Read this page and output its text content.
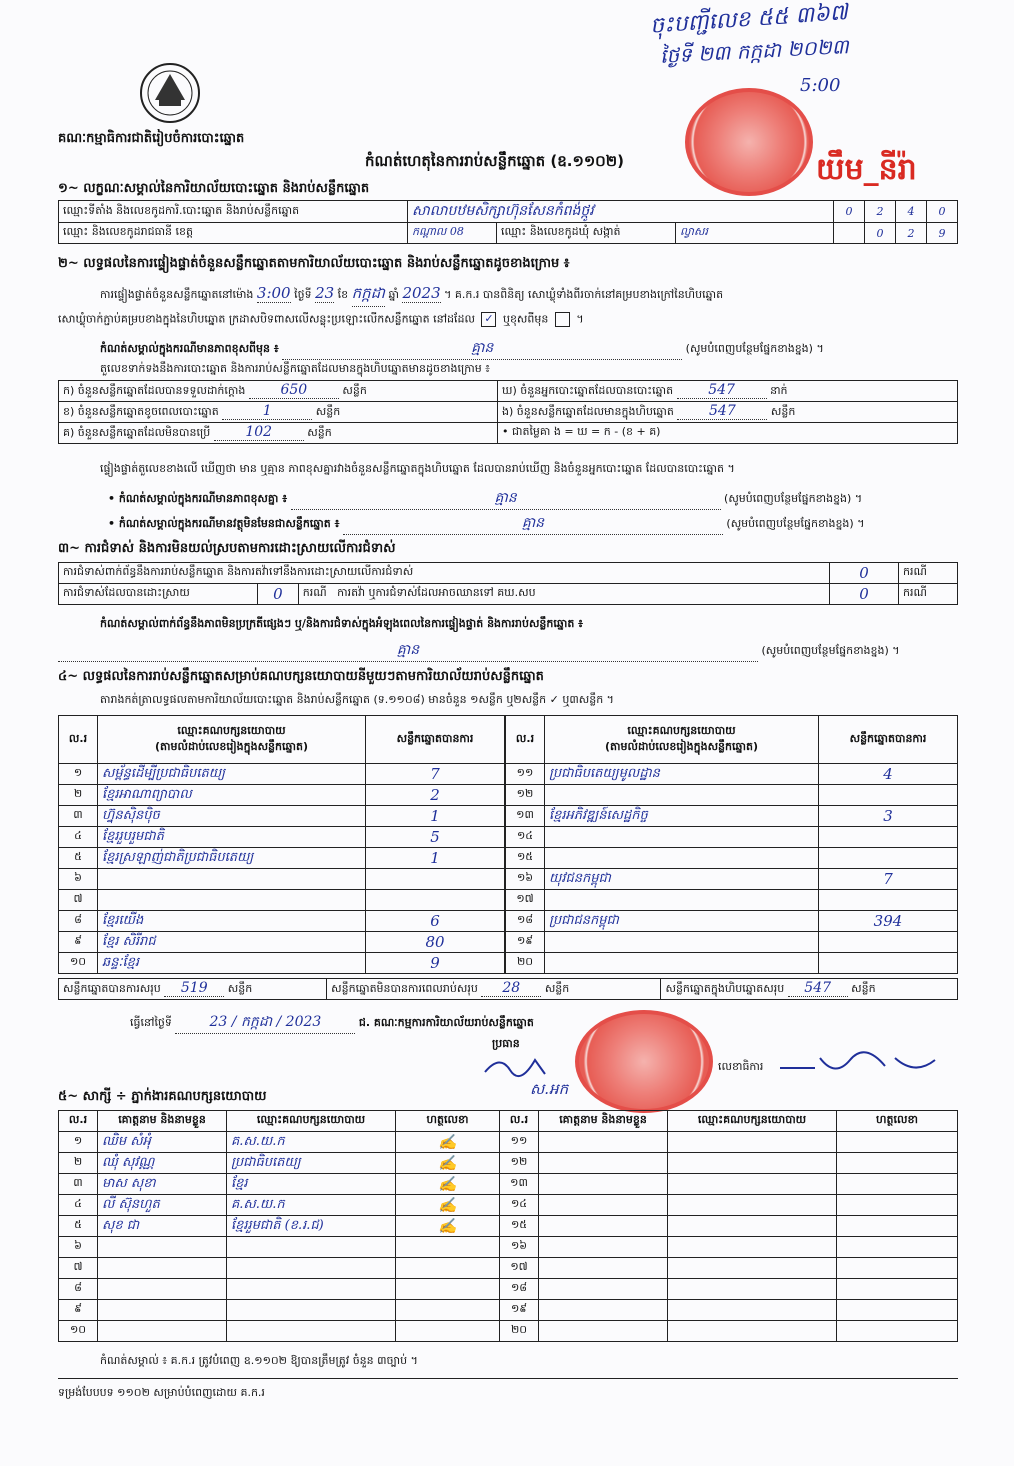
ចុះបញ្ជីលេខ ៥៥ ៣៦៧
ថ្ងៃទី ២៣ កក្កដា ២០២៣
5:00
យឹម_នីរ៉ា
គណៈកម្មាធិការជាតិរៀបចំការបោះឆ្នោត
កំណត់ហេតុនៃការរាប់សន្លឹកឆ្នោត (ឧ.១១០២)
១~ លក្ខណៈសម្គាល់នៃការិយាល័យបោះឆ្នោត និងរាប់សន្លឹកឆ្នោត
ឈ្មោះទីតាំង និងលេខកូដការិ.បោះឆ្នោត និងរាប់សន្លឹកឆ្នោត	សាលាបឋមសិក្សាហ៊ុនសែនកំពង់ថ្កូវ			0	2	4	0
ឈ្មោះ និងលេខកូដរាជធានី ខេត្ត	កណ្ដាល 08	ឈ្មោះ និងលេខកូដឃុំ សង្កាត់	ល្វាសរ		0	2	9
២~ លទ្ធផលនៃការផ្ទៀងផ្ទាត់ចំនួនសន្លឹកឆ្នោតតាមការិយាល័យបោះឆ្នោត និងរាប់សន្លឹកឆ្នោតដូចខាងក្រោម ៖
ការផ្ទៀងផ្ទាត់ចំនួនសន្លឹកឆ្នោតនៅម៉ោង 3:00 ថ្ងៃទី 23 ខែ កក្កដា ឆ្នាំ 2023 ។ គ.ក.រ បានពិនិត្យ សោឃ្លុំទាំងពីរចាក់នៅគម្របខាងក្រៅនៃហិបឆ្នោត
សោឃ្លុំចាក់ភ្ជាប់គម្របខាងក្នុងនៃហិបឆ្នោត ក្រដាសបិទពាសលើសន្លុះប្រឡោះលើកសន្លឹកឆ្នោត នៅដដែល ✓ ឬខុសពីមុន  ។
កំណត់សម្គាល់ក្នុងករណីមានភាពខុសពីមុន ៖	គ្មាន	(សូមបំពេញបន្ថែមផ្នែកខាងខ្នង) ។
តួលេខទាក់ទងនឹងការបោះឆ្នោត និងការរាប់សន្លឹកឆ្នោតដែលមានក្នុងហិបឆ្នោតមានដូចខាងក្រោម ៖
ក) ចំនួនសន្លឹកឆ្នោតដែលបានទទួលដាក់ក្ដោង 650 សន្លឹក	ឃ) ចំនួនអ្នកបោះឆ្នោតដែលបានបោះឆ្នោត 547 នាក់
ខ) ចំនួនសន្លឹកឆ្នោតខូចពេលបោះឆ្នោត 1 សន្លឹក	ង) ចំនួនសន្លឹកឆ្នោតដែលមានក្នុងហិបឆ្នោត 547 សន្លឹក
គ) ចំនួនសន្លឹកឆ្នោតដែលមិនបានប្រើ 102 សន្លឹក	• ជាតម្លៃគា ង = ឃ = ក - (ខ + គ)
ផ្ទៀងផ្ទាត់តួលេខខាងលើ ឃើញថា មាន ឬគ្មាន ភាពខុសគ្នារវាងចំនួនសន្លឹកឆ្នោតក្នុងហិបឆ្នោត ដែលបានរាប់ឃើញ និងចំនួនអ្នកបោះឆ្នោត ដែលបានបោះឆ្នោត ។
• កំណត់សម្គាល់ក្នុងករណីមានភាពខុសគ្នា ៖	គ្មាន	(សូមបំពេញបន្ថែមផ្នែកខាងខ្នង) ។
• កំណត់សម្គាល់ក្នុងករណីមានវត្ថុមិនមែនជាសន្លឹកឆ្នោត ៖	គ្មាន	(សូមបំពេញបន្ថែមផ្នែកខាងខ្នង) ។
៣~ ការជំទាស់ និងការមិនយល់ស្របតាមការដោះស្រាយលើការជំទាស់
ការជំទាស់ពាក់ព័ន្ធនឹងការរាប់សន្លឹកឆ្នោត និងការតវ៉ាទៅនឹងការដោះស្រាយលើការជំទាស់			0	ករណី
ការជំទាស់ដែលបានដោះស្រាយ	0	ករណី ការតវ៉ា ឬការជំទាស់ដែលអាចឈានទៅ គឃ.សប	0	ករណី
កំណត់សម្គាល់ពាក់ព័ន្ធនឹងភាពមិនប្រក្រតីផ្សេងៗ ឬ/និងការជំទាស់ក្នុងអំឡុងពេលនៃការផ្ទៀងផ្ទាត់ និងការរាប់សន្លឹកឆ្នោត ៖
គ្មាន	(សូមបំពេញបន្ថែមផ្នែកខាងខ្នង) ។
៤~ លទ្ធផលនៃការរាប់សន្លឹកឆ្នោតសម្រាប់គណបក្សនយោបាយនីមួយៗតាមការិយាល័យរាប់សន្លឹកឆ្នោត
តារាងកត់ត្រាលទ្ធផលតាមការិយាល័យបោះឆ្នោត និងរាប់សន្លឹកឆ្នោត (ទ.១១០៨) មានចំនួន ១សន្លឹក ឬ២សន្លឹក ✓ ឬ៣សន្លឹក ។
ល.រ	ឈ្មោះគណបក្សនយោបាយ
(តាមលំដាប់លេខរៀងក្នុងសន្លឹកឆ្នោត)	សន្លឹកឆ្នោតបានការ
១	សម្ព័ន្ធដើម្បីប្រជាធិបតេយ្យ	7
២	ខ្មែរអាណាព្យាបាល	2
៣	ហ្វ៊ុនស៊ិនប៉ិច	1
៤	ខ្មែររួបរួមជាតិ	5
៥	ខ្មែរស្រឡាញ់ជាតិប្រជាធិបតេយ្យ	1
៦		
៧		
៨	ខ្មែរយើង	6
៩	ខ្មែរ​ សិរីរាជ	80
១០	ឆន្ទៈខ្មែរ	9
ល.រ	ឈ្មោះគណបក្សនយោបាយ
(តាមលំដាប់លេខរៀងក្នុងសន្លឹកឆ្នោត)	សន្លឹកឆ្នោតបានការ
១១	ប្រជាធិបតេយ្យមូលដ្ឋាន	4
១២		
១៣	ខ្មែរអភិវឌ្ឍន៍សេដ្ឋកិច្ច	3
១៤		
១៥		
១៦	យុវជនកម្ពុជា	7
១៧		
១៨	ប្រជាជនកម្ពុជា	394
១៩		
២០		
សន្លឹកឆ្នោតបានការសរុប 519 សន្លឹក	សន្លឹកឆ្នោតមិនបានការពេលរាប់សរុប 28 សន្លឹក	សន្លឹកឆ្នោតក្នុងហិបឆ្នោតសរុប 547 សន្លឹក
ធ្វើនៅថ្ងៃទី	23 / កក្កដា / 2023	ជ. គណៈកម្មការការិយាល័យរាប់សន្លឹកឆ្នោត
ប្រធាន
ស.អក
លេខាធិការ
៥~ សាក្សី ÷ ភ្នាក់ងារគណបក្សនយោបាយ
ល.រ	គោត្តនាម និងនាមខ្លួន	ឈ្មោះគណបក្សនយោបាយ	ហត្ថលេខា	ល.រ	គោត្តនាម និងនាមខ្លួន	ឈ្មោះគណបក្សនយោបាយ	ហត្ថលេខា
១	ឈិម សំអុំ	គ.ស.យ.ក	✍	១១			
២	ឈុំ សុវណ្ណ	ប្រជាធិបតេយ្យ	✍	១២			
៣	មាស សុខា	ខ្មែរ	✍	១៣			
៤	លី ស៊ុនហួត	គ.ស.យ.ក	✍	១៤			
៥	សុខ ជា	ខ្មែររួមជាតិ (ខ.រ.ជ)	✍	១៥			
៦				១៦			
៧				១៧			
៨				១៨			
៩				១៩			
១០				២០			
កំណត់សម្គាល់ ៖ គ.ក.រ ត្រូវបំពេញ ឧ.១១០២ ឱ្យបានត្រឹមត្រូវ ចំនួន ៣ច្បាប់ ។
ទម្រង់បែបបទ ១១០២ សម្រាប់បំពេញដោយ គ.ក.រ
